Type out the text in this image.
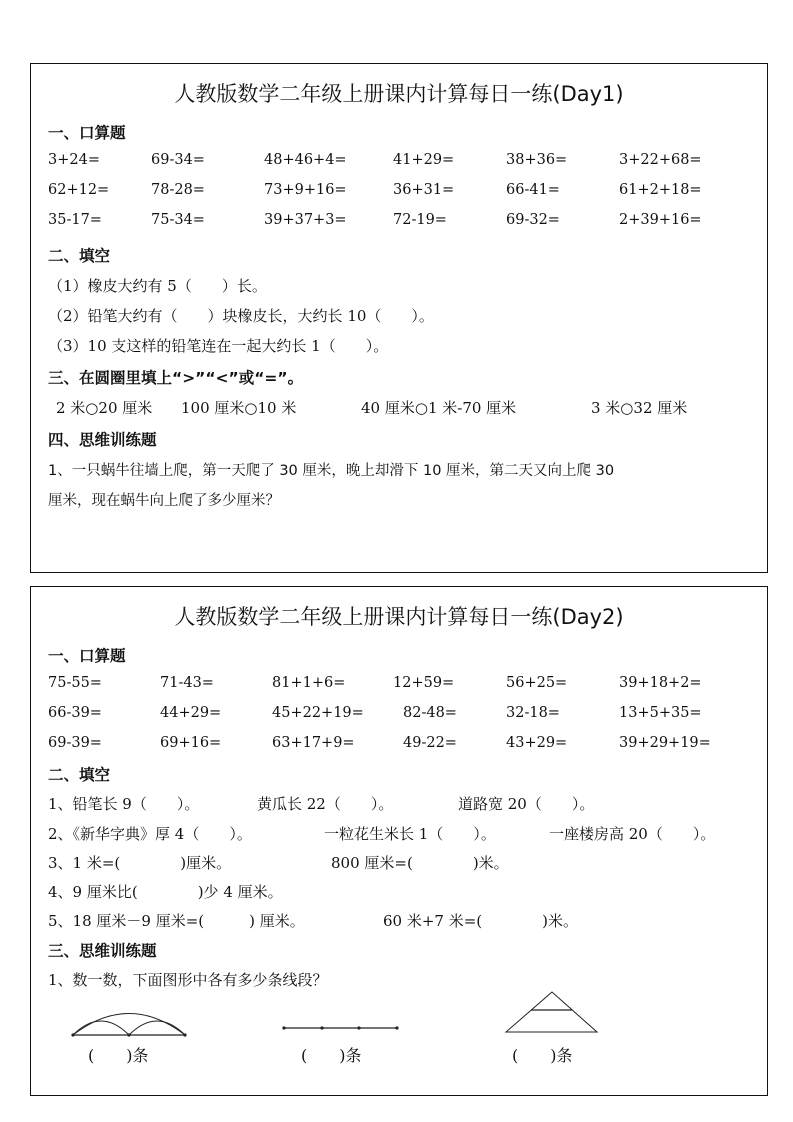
人教版数学二年级上册课内计算每日一练(Day1)
一、口算题
3+24=	69-34=	48+46+4=	41+29=	38+36=	3+22+68=
62+12=	78-28=	73+9+16=	36+31=	66-41=	61+2+18=
35-17=	75-34=	39+37+3=	72-19=	69-32=	2+39+16=
二、填空
（1）橡皮大约有 5（　　）长。
（2）铅笔大约有（　　）块橡皮长，大约长 10（　　）。
（3）10 支这样的铅笔连在一起大约长 1（　　）。
三、在圆圈里填上“>”“<”或“=”。
2 米○20 厘米 100 厘米○10 米	40 厘米○1 米-70 厘米	3 米○32 厘米
四、思维训练题
1、一只蜗牛往墙上爬，第一天爬了 30 厘米，晚上却滑下 10 厘米，第二天又向上爬 30
厘米，现在蜗牛向上爬了多少厘米？
人教版数学二年级上册课内计算每日一练(Day2)
一、口算题
75-55=	71-43=	81+1+6=	12+59=	56+25=	39+18+2=
66-39=	44+29=	45+22+19=	82-48=	32-18=	13+5+35=
69-39=	69+16=	63+17+9=	49-22=	43+29=	39+29+19=
二、填空
1、铅笔长 9（　　）。	黄瓜长 22（　　）。	道路宽 20（　　）。
2、《新华字典》厚 4（　　）。	一粒花生米长 1（　　）。	一座楼房高 20（　　）。
3、1 米=(　　　　)厘米。	800 厘米=(　　　　)米。
4、9 厘米比(　　　　)少 4 厘米。
5、18 厘米－9 厘米=(　　　) 厘米。	60 米+7 米=(　　　　)米。
三、思维训练题
1、数一数，下面图形中各有多少条线段？
(　　)条	(　　)条	(　　)条
